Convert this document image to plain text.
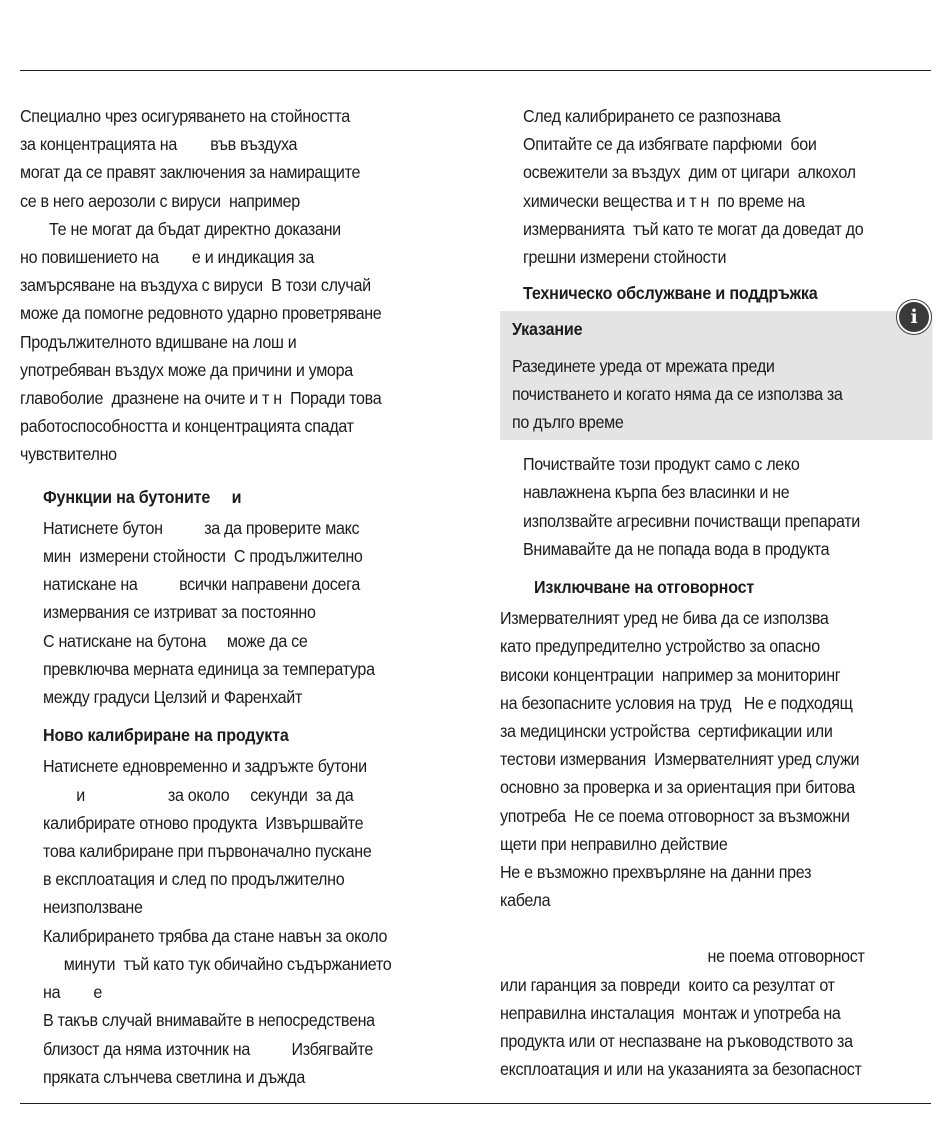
Специално чрез осигуряването на стойността

за концентрацията на        във въздуха

могат да се правят заключения за намиращите

се в него аерозоли с вируси  например

Те не могат да бъдат директно доказани

но повишението на        е и индикация за

замърсяване на въздуха с вируси  В този случай

може да помогне редовното ударно проветряване

Продължителното вдишване на лош и

употребяван въздух може да причини и умора

главоболие  дразнене на очите и т н  Поради това

работоспособността и концентрацията спадат

чувствително

Функции на бутоните     и

Натиснете бутон          за да проверите макс

мин  измерени стойности  С продължително

натискане на          всички направени досега

измервания се изтриват за постоянно

С натискане на бутона     може да се

превключва мерната единица за температура

между градуси Целзий и Фаренхайт

Ново калибриране на продукта

Натиснете едновременно и задръжте бутони

и                    за около     секунди  за да

калибрирате отново продукта  Извършвайте

това калибриране при първоначално пускане

в експлоатация и след по продължително

неизползване

Калибрирането трябва да стане навън за около

минути  тъй като тук обичайно съдържанието

на        е

В такъв случай внимавайте в непосредствена

близост да няма източник на          Избягвайте

пряката слънчева светлина и дъжда

След калибрирането се разпознава

Опитайте се да избягвате парфюми  бои

освежители за въздух  дим от цигари  алкохол

химически вещества и т н  по време на

измерванията  тъй като те могат да доведат до

грешни измерени стойности

Техническо обслужване и поддръжка

i

Указание

Разединете уреда от мрежата преди

почистването и когато няма да се използва за

по дълго време

Почиствайте този продукт само с леко

навлажнена кърпа без власинки и не

използвайте агресивни почистващи препарати

Внимавайте да не попада вода в продукта

Изключване на отговорност

Измервателният уред не бива да се използва

като предупредително устройство за опасно

високи концентрации  например за мониторинг

на безопасните условия на труд   Не е подходящ

за медицински устройства  сертификации или

тестови измервания  Измервателният уред служи

основно за проверка и за ориентация при битова

употреба  Не се поема отговорност за възможни

щети при неправилно действие

Не е възможно прехвърляне на данни през

кабела

не поема отговорност

или гаранция за повреди  които са резултат от

неправилна инсталация  монтаж и употреба на

продукта или от неспазване на ръководството за

експлоатация и или на указанията за безопасност
